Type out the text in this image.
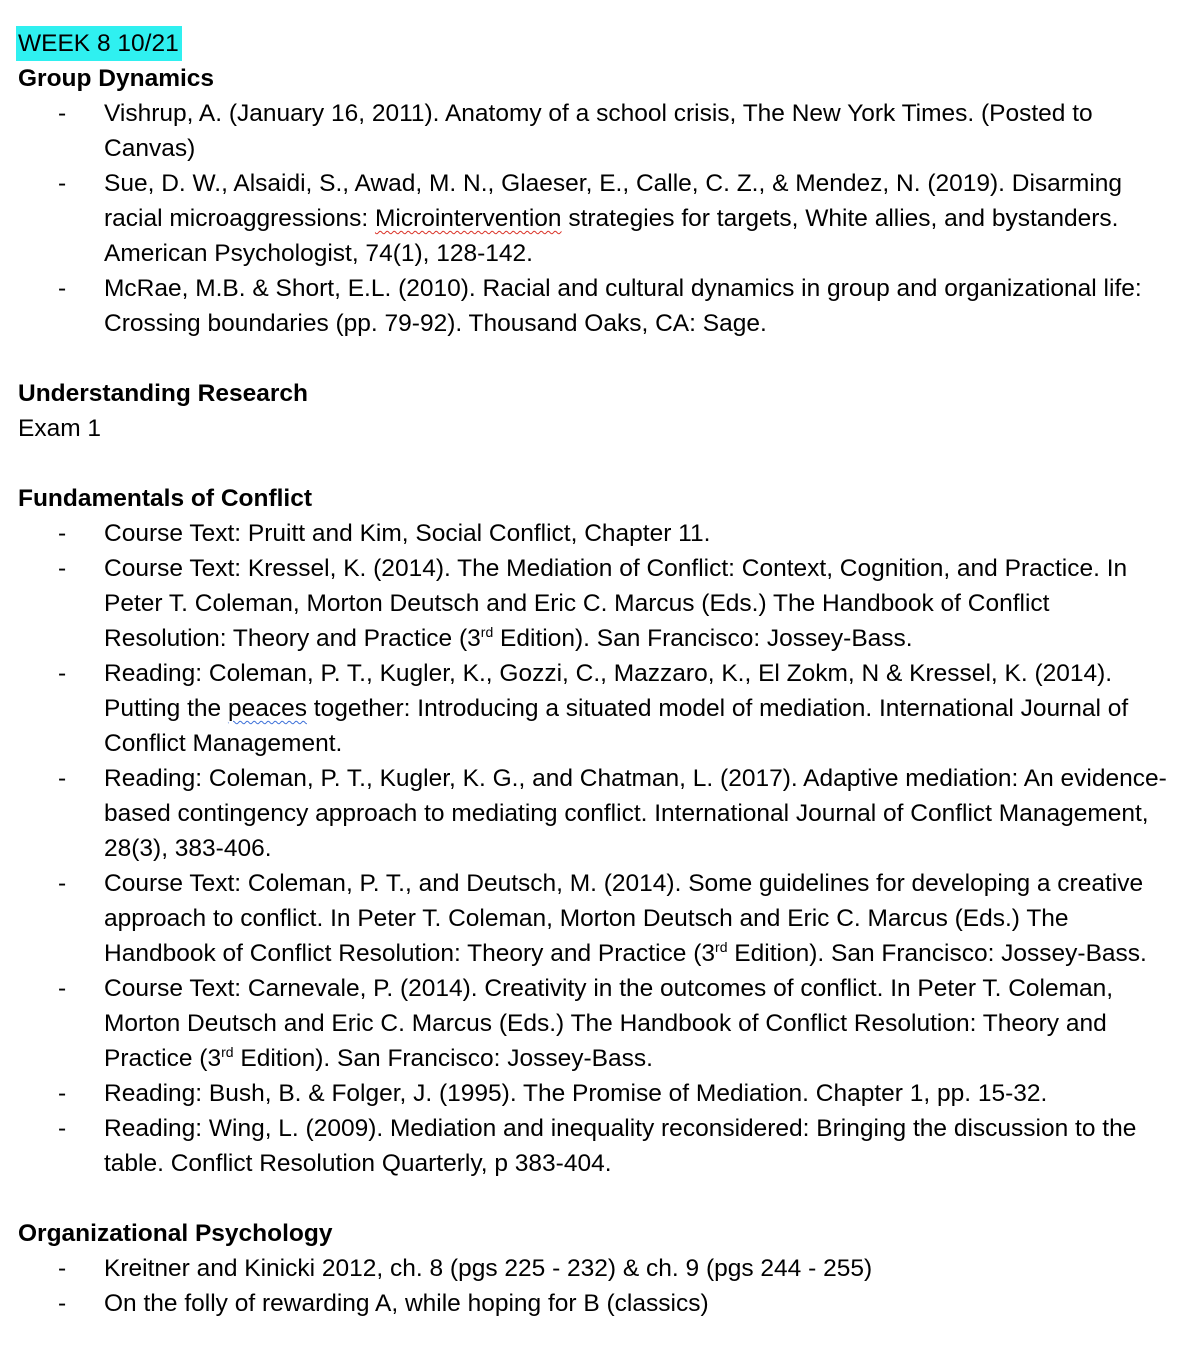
WEEK 8 10/21
Group Dynamics
- Vishrup, A. (January 16, 2011). Anatomy of a school crisis, The New York Times. (Posted to Canvas)
- Sue, D. W., Alsaidi, S., Awad, M. N., Glaeser, E., Calle, C. Z., & Mendez, N. (2019). Disarming racial microaggressions: Microintervention strategies for targets, White allies, and bystanders. American Psychologist, 74(1), 128-142.
- McRae, M.B. & Short, E.L. (2010). Racial and cultural dynamics in group and organizational life: Crossing boundaries (pp. 79-92). Thousand Oaks, CA: Sage.
Understanding Research
Exam 1
Fundamentals of Conflict
- Course Text: Pruitt and Kim, Social Conflict, Chapter 11.
- Course Text: Kressel, K. (2014). The Mediation of Conflict: Context, Cognition, and Practice. In Peter T. Coleman, Morton Deutsch and Eric C. Marcus (Eds.) The Handbook of Conflict Resolution: Theory and Practice (3rd Edition). San Francisco: Jossey-Bass.
- Reading: Coleman, P. T., Kugler, K., Gozzi, C., Mazzaro, K., El Zokm, N & Kressel, K. (2014). Putting the peaces together: Introducing a situated model of mediation. International Journal of Conflict Management.
- Reading: Coleman, P. T., Kugler, K. G., and Chatman, L. (2017). Adaptive mediation: An evidence-based contingency approach to mediating conflict. International Journal of Conflict Management, 28(3), 383-406.
- Course Text: Coleman, P. T., and Deutsch, M. (2014). Some guidelines for developing a creative approach to conflict. In Peter T. Coleman, Morton Deutsch and Eric C. Marcus (Eds.) The Handbook of Conflict Resolution: Theory and Practice (3rd Edition). San Francisco: Jossey-Bass.
- Course Text: Carnevale, P. (2014). Creativity in the outcomes of conflict. In Peter T. Coleman, Morton Deutsch and Eric C. Marcus (Eds.) The Handbook of Conflict Resolution: Theory and Practice (3rd Edition). San Francisco: Jossey-Bass.
- Reading: Bush, B. & Folger, J. (1995). The Promise of Mediation. Chapter 1, pp. 15-32.
- Reading: Wing, L. (2009). Mediation and inequality reconsidered: Bringing the discussion to the table. Conflict Resolution Quarterly, p 383-404.
Organizational Psychology
- Kreitner and Kinicki 2012, ch. 8 (pgs 225 - 232) & ch. 9 (pgs 244 - 255)
- On the folly of rewarding A, while hoping for B (classics)
